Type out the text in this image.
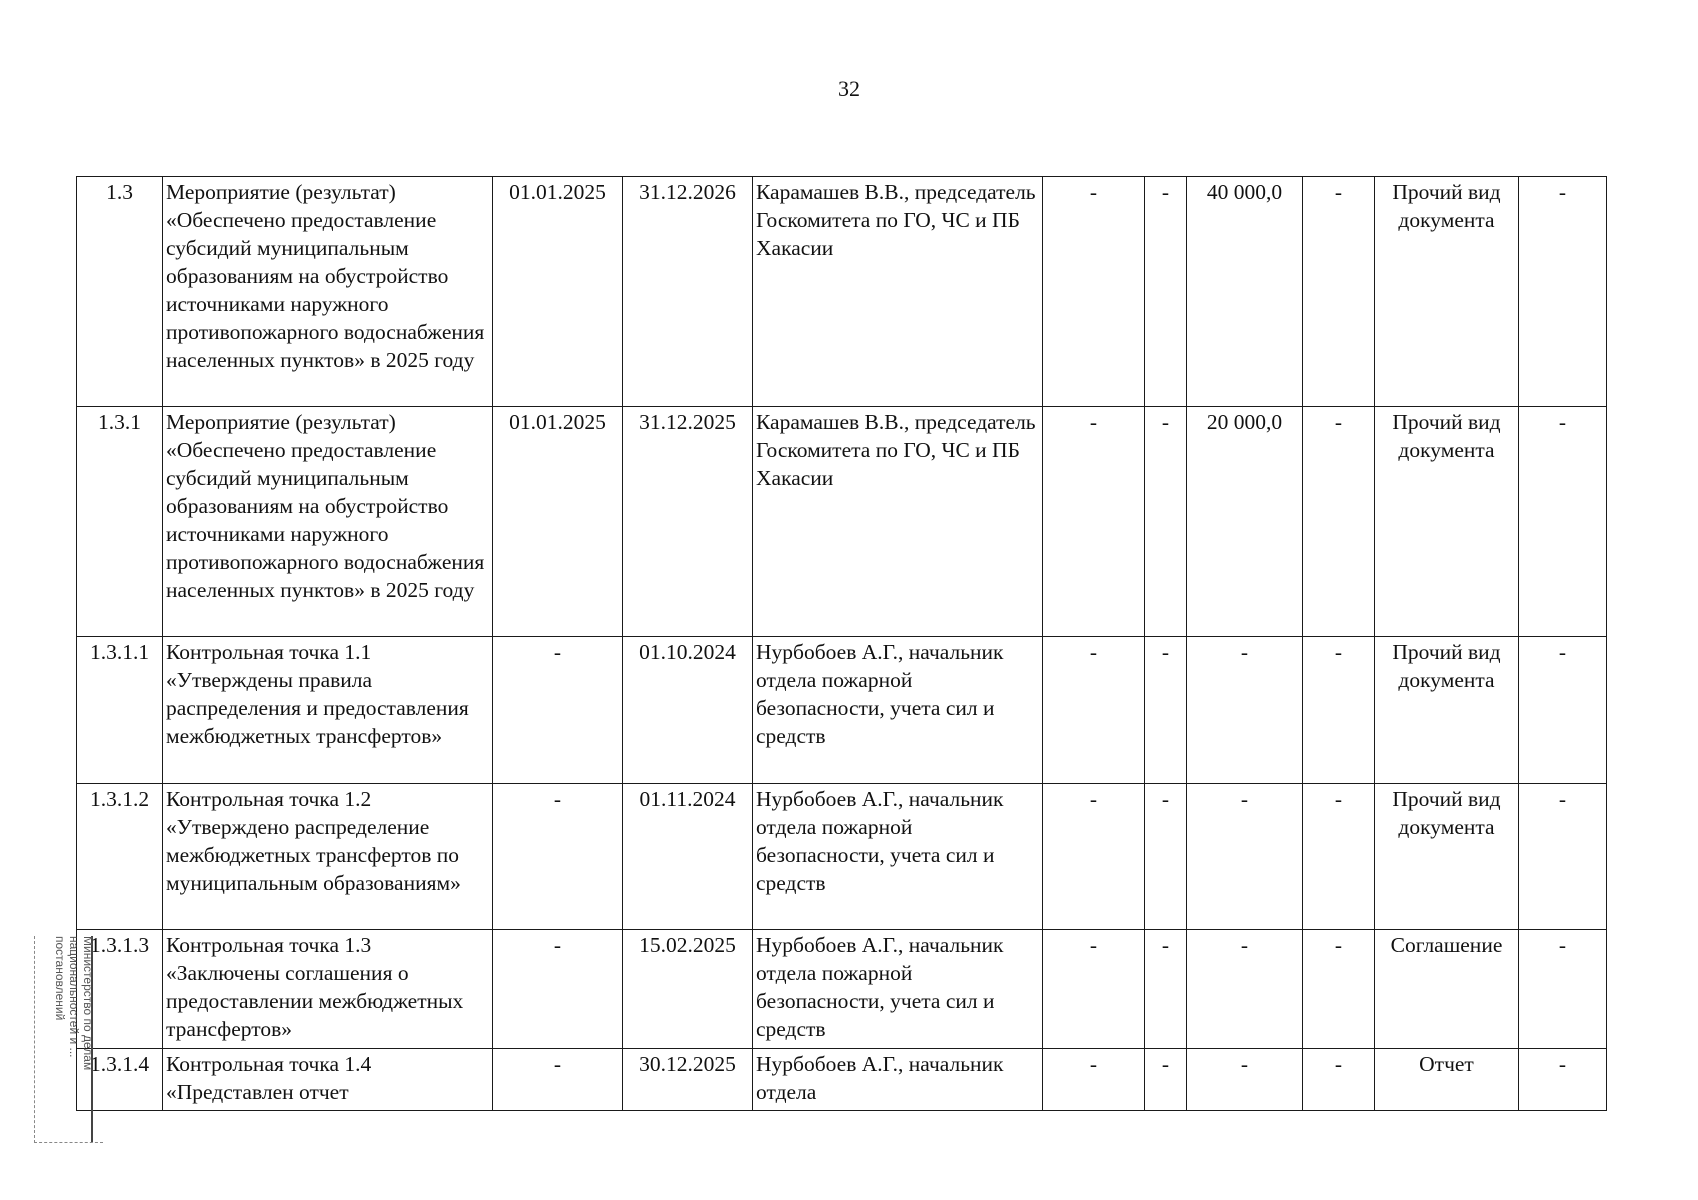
32
1.3	Мероприятие (результат) «Обеспечено предоставление субсидий муниципальным образованиям на обустройство источниками наружного противопожарного водоснабжения населенных пунктов» в 2025 году	01.01.2025	31.12.2026	Карамашев В.В., председатель Госкомитета по ГО, ЧС и ПБ Хакасии	-	-	40 000,0	-	Прочий вид документа	-
1.3.1	Мероприятие (результат) «Обеспечено предоставление субсидий муниципальным образованиям на обустройство источниками наружного противопожарного водоснабжения населенных пунктов» в 2025 году	01.01.2025	31.12.2025	Карамашев В.В., председатель Госкомитета по ГО, ЧС и ПБ Хакасии	-	-	20 000,0	-	Прочий вид документа	-
1.3.1.1	Контрольная точка 1.1 «Утверждены правила распределения и предоставления межбюджетных трансфертов»	-	01.10.2024	Нурбобоев А.Г., начальник отдела пожарной безопасности, учета сил и средств	-	-	-	-	Прочий вид документа	-
1.3.1.2	Контрольная точка 1.2 «Утверждено распределение межбюджетных трансфертов по муниципальным образованиям»	-	01.11.2024	Нурбобоев А.Г., начальник отдела пожарной безопасности, учета сил и средств	-	-	-	-	Прочий вид документа	-
1.3.1.3	Контрольная точка 1.3 «Заключены соглашения о предоставлении межбюджетных трансфертов»	-	15.02.2025	Нурбобоев А.Г., начальник отдела пожарной безопасности, учета сил и средств	-	-	-	-	Соглашение	-
1.3.1.4	Контрольная точка 1.4 «Представлен отчет	-	30.12.2025	Нурбобоев А.Г., начальник отдела	-	-	-	-	Отчет	-
Министерство по делам национальностей и ... постановлений
